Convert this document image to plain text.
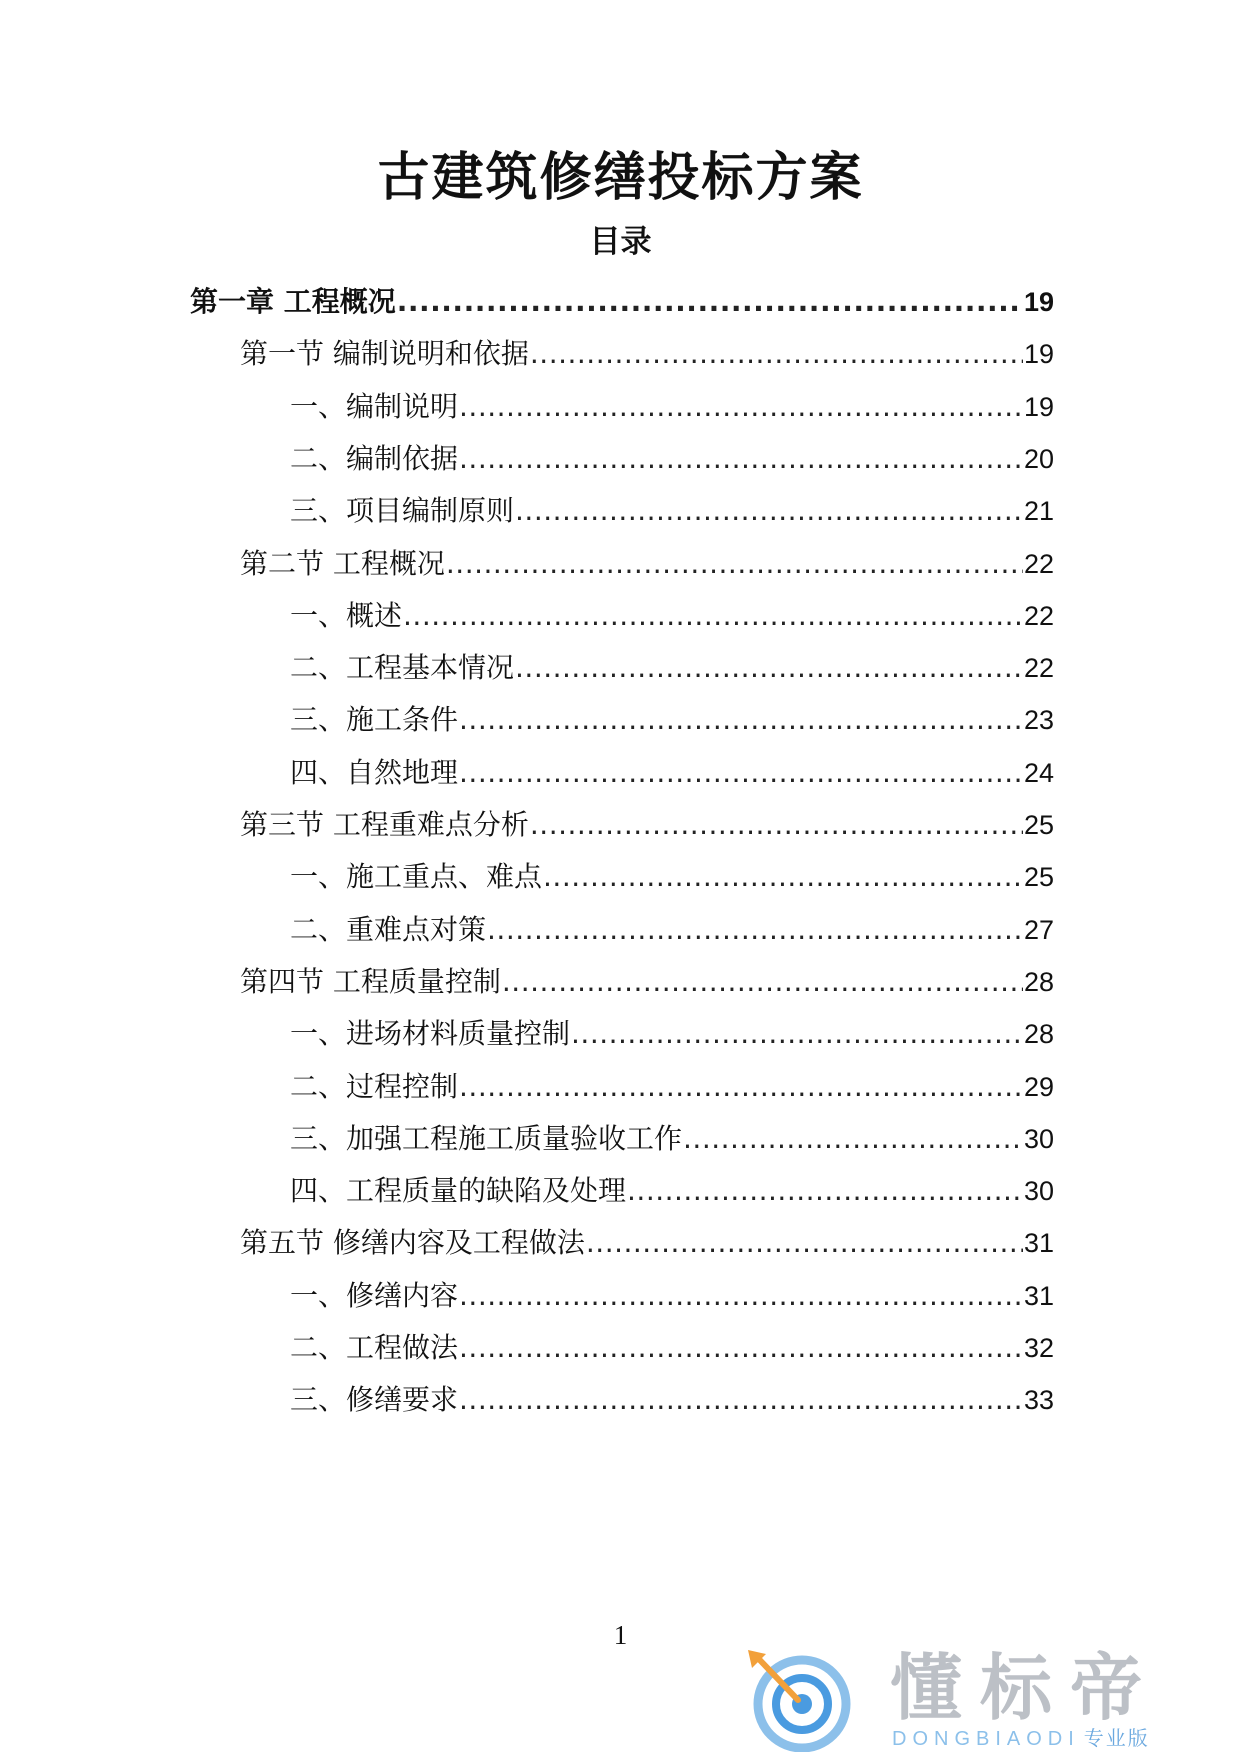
古建筑修缮投标方案
目录
第一章 工程概况 .....	19
第一节 编制说明和依据 .....	19
一、编制说明 .....	19
二、编制依据 .....	20
三、项目编制原则 .....	21
第二节 工程概况 .....	22
一、概述 .....	22
二、工程基本情况 .....	22
三、施工条件 .....	23
四、自然地理 .....	24
第三节 工程重难点分析 .....	25
一、施工重点、难点 .....	25
二、重难点对策 .....	27
第四节 工程质量控制 .....	28
一、进场材料质量控制 .....	28
二、过程控制 .....	29
三、加强工程施工质量验收工作 .....	30
四、工程质量的缺陷及处理 .....	30
第五节 修缮内容及工程做法 .....	31
一、修缮内容 .....	31
二、工程做法 .....	32
三、修缮要求 .....	33
1
懂标帝
DONGBIAODI 专业版
